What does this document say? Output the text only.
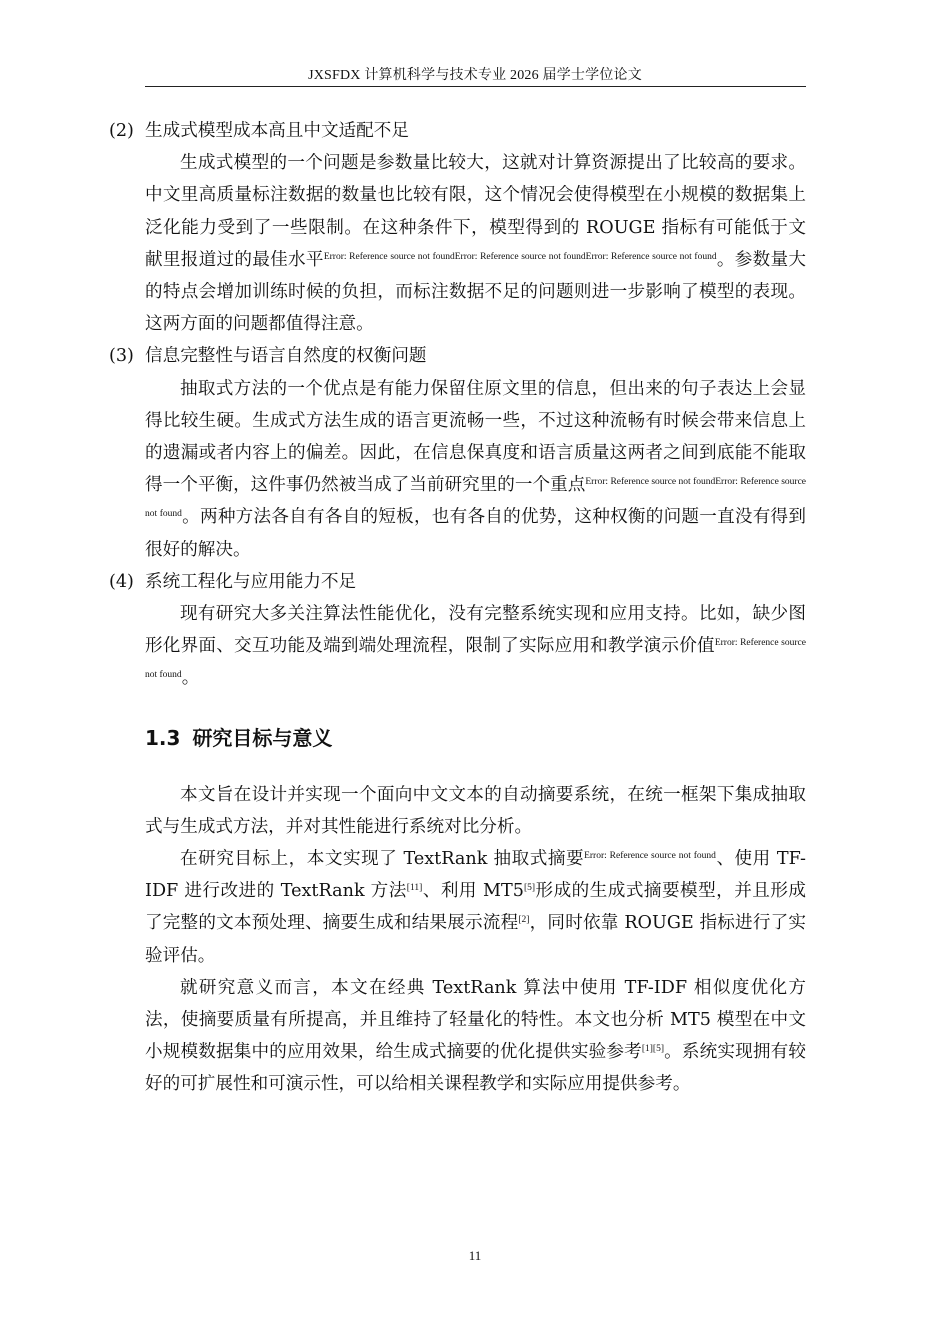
JXSFDX 计算机科学与技术专业 2026 届学士学位论文

(2) 生成式模型成本高且中文适配不足

生成式模型的一个问题是参数量比较大，这就对计算资源提出了比较高的要求。中文里高质量标注数据的数量也比较有限，这个情况会使得模型在小规模的数据集上泛化能力受到了一些限制。在这种条件下，模型得到的 ROUGE 指标有可能低于文献里报道过的最佳水平$^{Error: Reference source not foundError: Reference source not foundError: Reference source not found}$。参数量大的特点会增加训练时候的负担，而标注数据不足的问题则进一步影响了模型的表现。这两方面的问题都值得注意。

(3) 信息完整性与语言自然度的权衡问题

抽取式方法的一个优点是有能力保留住原文里的信息，但出来的句子表达上会显得比较生硬。生成式方法生成的语言更流畅一些，不过这种流畅有时候会带来信息上的遗漏或者内容上的偏差。因此，在信息保真度和语言质量这两者之间到底能不能取得一个平衡，这件事仍然被当成了当前研究里的一个重点$^{Error: Reference source not foundError: Reference source not found}$。两种方法各自有各自的短板，也有各自的优势，这种权衡的问题一直没有得到很好的解决。

(4) 系统工程化与应用能力不足

现有研究大多关注算法性能优化，没有完整系统实现和应用支持。比如，缺少图形化界面、交互功能及端到端处理流程，限制了实际应用和教学演示价值$^{Error: Reference source not found}$。

1.3 研究目标与意义

本文旨在设计并实现一个面向中文文本的自动摘要系统，在统一框架下集成抽取式与生成式方法，并对其性能进行系统对比分析。

在研究目标上，本文实现了 TextRank 抽取式摘要$^{Error: Reference source not found}$、使用 TF-IDF 进行改进的 TextRank 方法[11]、利用 MT5[5]形成的生成式摘要模型，并且形成了完整的文本预处理、摘要生成和结果展示流程[2]，同时依靠 ROUGE 指标进行了实验评估。

就研究意义而言，本文在经典 TextRank 算法中使用 TF-IDF 相似度优化方法，使摘要质量有所提高，并且维持了轻量化的特性。本文也分析 MT5 模型在中文小规模数据集中的应用效果，给生成式摘要的优化提供实验参考[1][5]。系统实现拥有较好的可扩展性和可演示性，可以给相关课程教学和实际应用提供参考。

11
